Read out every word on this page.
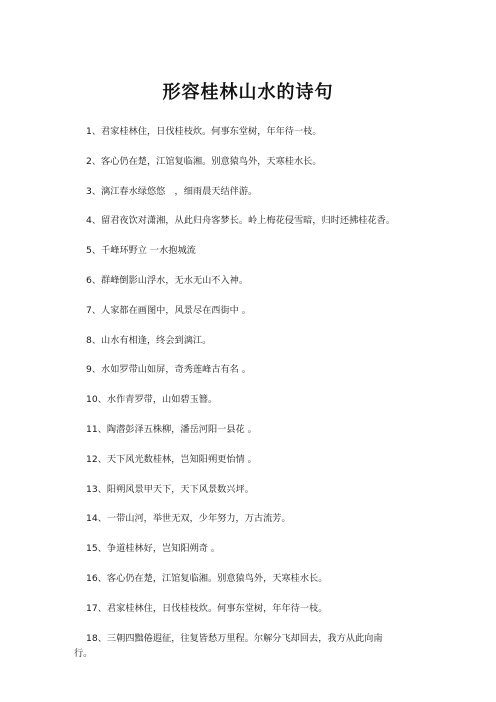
形容桂林山水的诗句
1、君家桂林住，日伐桂枝炊。何事东堂树，年年待一枝。
2、客心仍在楚，江馆复临湘。别意猿鸟外，天寒桂水长。
3、漓江春水绿悠悠　，细雨晨天结伴游。
4、留君夜饮对潇湘，从此归舟客梦长。岭上梅花侵雪暗，归时还拂桂花香。
5、千峰环野立 一水抱城流
6、群峰倒影山浮水，无水无山不入神。
7、人家都在画图中，风景尽在西街中 。
8、山水有相逢，终会到漓江。
9、水如罗带山如屏，奇秀莲峰古有名 。
10、水作青罗带，山如碧玉簪。
11、陶潜彭泽五株柳，潘岳河阳一县花 。
12、天下风光数桂林，岂知阳朔更怡情 。
13、阳朔风景甲天下，天下风景数兴坪。
14、一带山河，举世无双，少年努力，万古流芳。
15、争道桂林好，岂知阳朔奇 。
16、客心仍在楚，江馆复临湘。别意猿鸟外，天寒桂水长。
17、君家桂林住，日伐桂枝炊。何事东堂树，年年待一枝。
18、三朝四黜倦遐征，往复皆愁万里程。尔解分飞却回去，我方从此向南
行。
